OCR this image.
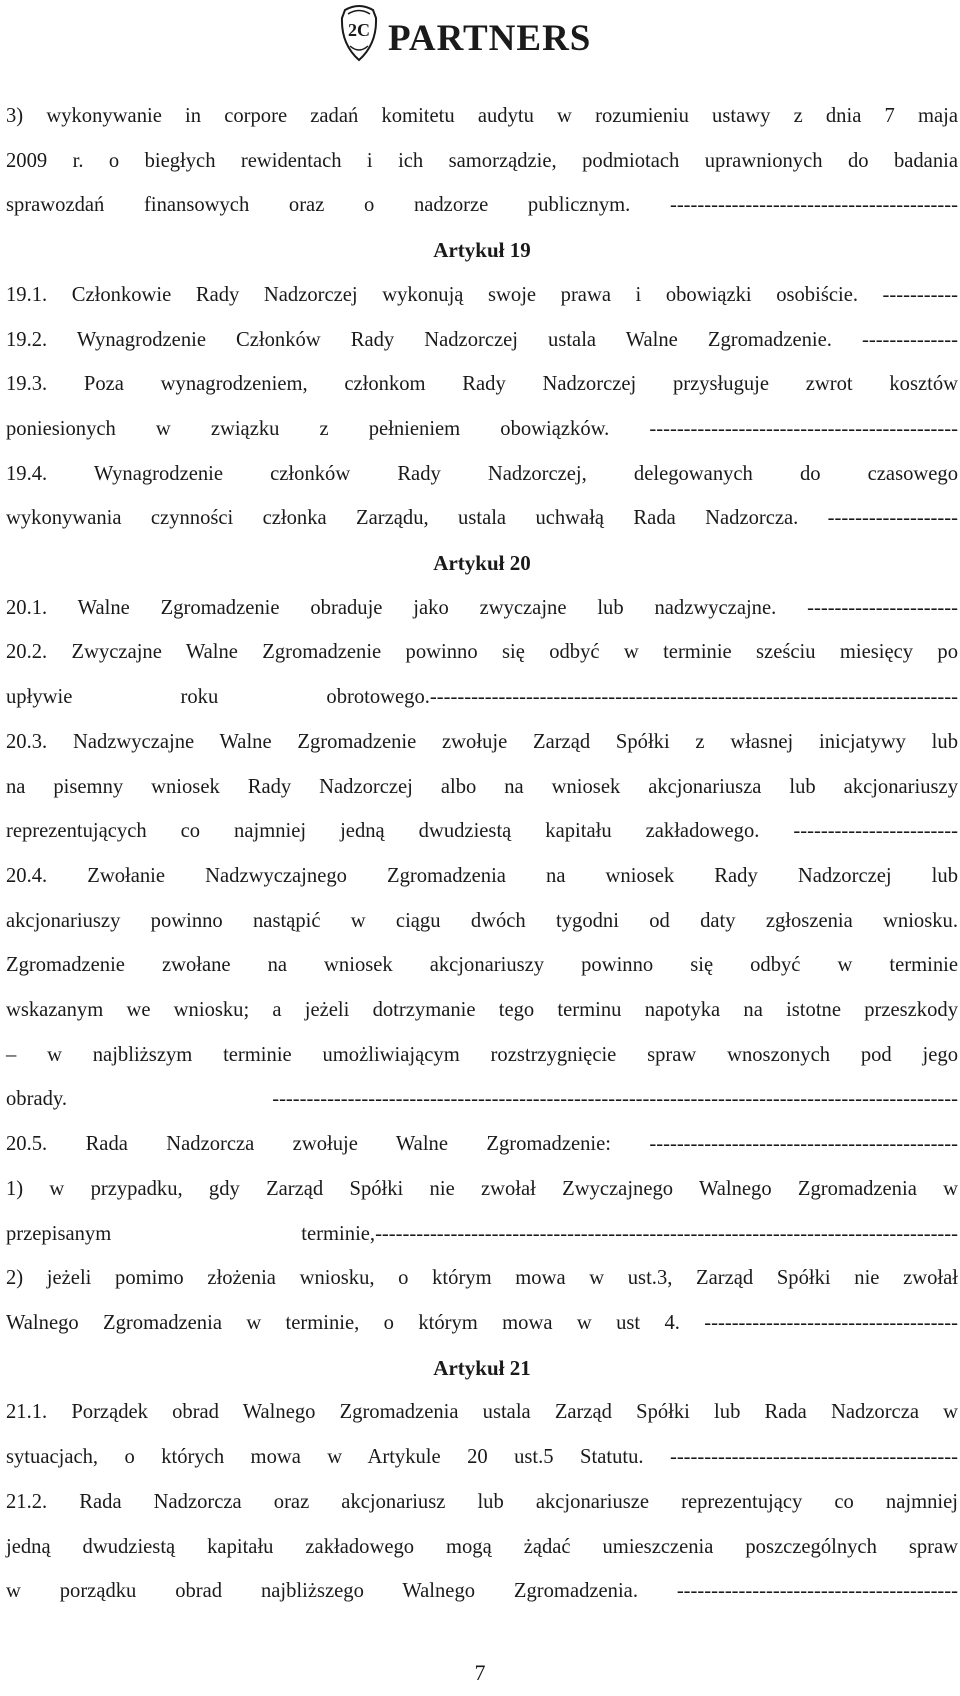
2C PARTNERS
3) wykonywanie in corpore zadań komitetu audytu w rozumieniu ustawy z dnia 7 maja
2009 r. o biegłych rewidentach i ich samorządzie, podmiotach uprawnionych do badania
sprawozdań finansowych oraz o nadzorze publicznym. ------------------------------------------
Artykuł 19
19.1. Członkowie Rady Nadzorczej wykonują swoje prawa i obowiązki osobiście. -----------
19.2. Wynagrodzenie Członków Rady Nadzorczej ustala Walne Zgromadzenie. --------------
19.3. Poza wynagrodzeniem, członkom Rady Nadzorczej przysługuje zwrot kosztów
poniesionych w związku z pełnieniem obowiązków. ---------------------------------------------
19.4. Wynagrodzenie członków Rady Nadzorczej, delegowanych do czasowego
wykonywania czynności członka Zarządu, ustala uchwałą Rada Nadzorcza. -------------------
Artykuł 20
20.1. Walne Zgromadzenie obraduje jako zwyczajne lub nadzwyczajne. ----------------------
20.2. Zwyczajne Walne Zgromadzenie powinno się odbyć w terminie sześciu miesięcy po
upływie roku obrotowego.-----------------------------------------------------------------------------
20.3. Nadzwyczajne Walne Zgromadzenie zwołuje Zarząd Spółki z własnej inicjatywy lub
na pisemny wniosek Rady Nadzorczej albo na wniosek akcjonariusza lub akcjonariuszy
reprezentujących co najmniej jedną dwudziestą kapitału zakładowego. ------------------------
20.4. Zwołanie Nadzwyczajnego Zgromadzenia na wniosek Rady Nadzorczej lub
akcjonariuszy powinno nastąpić w ciągu dwóch tygodni od daty zgłoszenia wniosku.
Zgromadzenie zwołane na wniosek akcjonariuszy powinno się odbyć w terminie
wskazanym we wniosku; a jeżeli dotrzymanie tego terminu napotyka na istotne przeszkody
– w najbliższym terminie umożliwiającym rozstrzygnięcie spraw wnoszonych pod jego
obrady. ----------------------------------------------------------------------------------------------------
20.5. Rada Nadzorcza zwołuje Walne Zgromadzenie: ---------------------------------------------
1) w przypadku, gdy Zarząd Spółki nie zwołał Zwyczajnego Walnego Zgromadzenia w
przepisanym terminie,-------------------------------------------------------------------------------------
2) jeżeli pomimo złożenia wniosku, o którym mowa w ust.3, Zarząd Spółki nie zwołał
Walnego Zgromadzenia w terminie, o którym mowa w ust 4. -------------------------------------
Artykuł 21
21.1. Porządek obrad Walnego Zgromadzenia ustala Zarząd Spółki lub Rada Nadzorcza w
sytuacjach, o których mowa w Artykule 20 ust.5 Statutu. ------------------------------------------
21.2. Rada Nadzorcza oraz akcjonariusz lub akcjonariusze reprezentujący co najmniej
jedną dwudziestą kapitału zakładowego mogą żądać umieszczenia poszczególnych spraw
w porządku obrad najbliższego Walnego Zgromadzenia. -----------------------------------------
7
